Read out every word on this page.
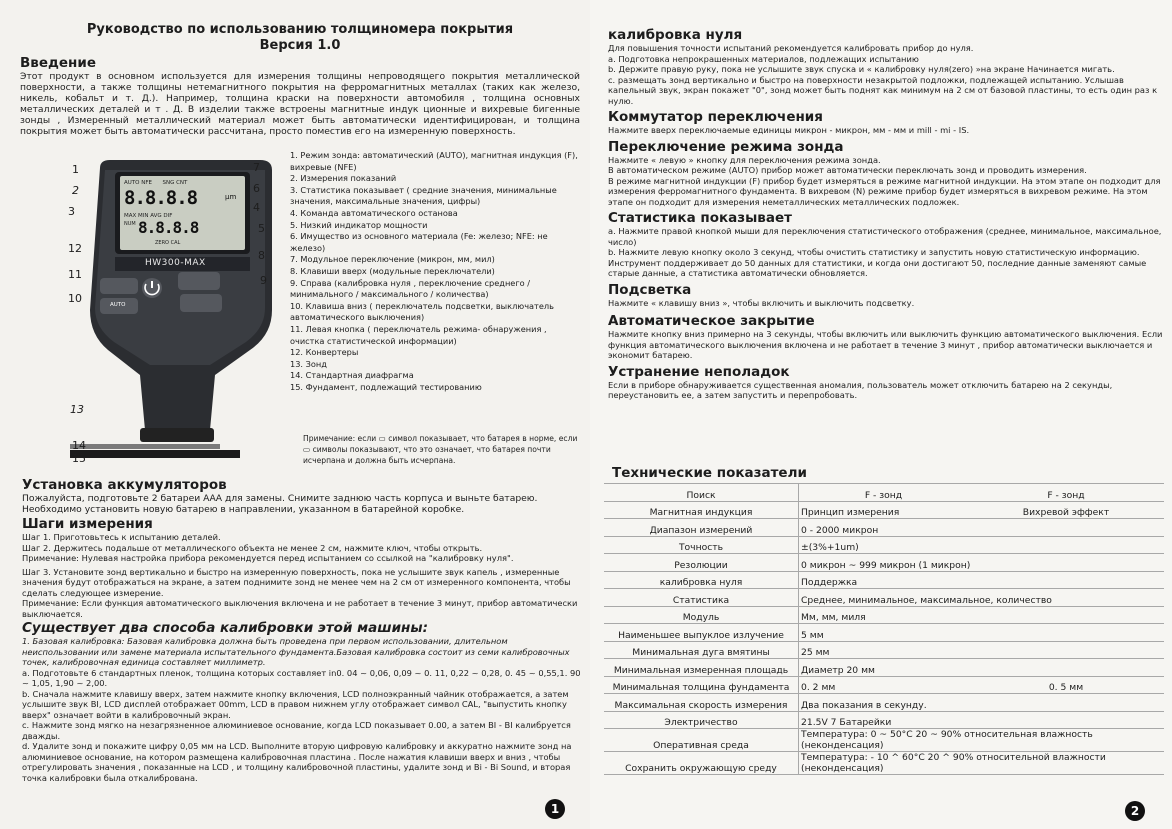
Руководство по использованию толщиномера покрытия
Версия 1.0
Введение

Этот продукт в основном используется для измерения толщины непроводящего покрытия металлической поверхности, а также толщины нетемагнитного покрытия на ферромагнитных металлах (таких как железо, никель, кобальт и т. Д.). Например, толщина краски на поверхности автомобиля , толщина основных металлических деталей и т . Д. В изделии также встроены магнитные индук ционные и вихревые бигенные зонды , Измеренный металлический материал может быть автоматически идентифицирован, и толщина покрытия может быть автоматически рассчитана, просто поместив его на измеренную поверхность.

AUTO NFE      SNG CNT
8.8.8.8	μm
MAX MIN AVG DIF
NUM 8.8.8.8
ZERO CAL
HW300-MAX
AUTO
1
2
3	4
5
6
7
8
9
10
11
12
13
14
15
1. Режим зонда: автоматический (AUTO), магнитная индукция (F), вихревые (NFE)
2. Измерения показаний
3. Статистика показывает ( средние значения, минимальные значения, максимальные значения, цифры)
4. Команда автоматического останова
5. Низкий индикатор мощности
6. Имущество из основного материала (Fe: железо; NFE: не железо)
7. Модульное переключение (микрон, мм, мил)
8. Клавиши вверх (модульные переключатели)
9. Справа (калибровка нуля , переключение среднего / минимального / максимального / количества)
10. Клавиша вниз ( переключатель подсветки, выключатель автоматического выключения)
11. Левая кнопка ( переключатель режима- обнаружения , очистка статистической информации)
12. Конвертеры
13. Зонд
14. Стандартная диафрагма
15. Фундамент, подлежащий тестированию
Примечание: если ▭ символ показывает, что батарея в норме, если ▭ символы показывают, что это означает, что батарея почти исчерпана и должна быть исчерпана.
Установка аккумуляторов

Пожалуйста, подготовьте 2 батареи ААА для замены. Снимите заднюю часть корпуса и выньте батарею. Необходимо установить новую батарею в направлении, указанном в батарейной коробке.

Шаги измерения

Шаг 1. Приготовьтесь к испытанию деталей.

Шаг 2. Держитесь подальше от металлического объекта не менее 2 см, нажмите ключ, чтобы открыть.

Примечание: Нулевая настройка прибора рекомендуется перед испытанием со ссылкой на "калибровку нуля".

Шаг 3. Установите зонд вертикально и быстро на измеренную поверхность, пока не услышите звук капель , измеренные значения будут отображаться на экране, а затем поднимите зонд не менее чем на 2 см от измеренного компонента, чтобы сделать следующее измерение.

Примечание: Если функция автоматического выключения включена и не работает в течение 3 минут, прибор автоматически выключается.

Существует два способа калибровки этой машины:

1. Базовая калибровка: Базовая калибровка должна быть проведена при первом использовании, длительном неиспользовании или замене материала испытательного фундамента.Базовая калибровка состоит из семи калибровочных точек, калибровочная единица составляет миллиметр.

a. Подготовьте 6 стандартных пленок, толщина которых составляет in0. 04 ~ 0,06, 0,09 ~ 0. 11, 0,22 ~ 0,28, 0. 45 ~ 0,55,1. 90 ~ 1,05, 1,90 ~ 2,00.

b. Сначала нажмите клавишу вверх, затем нажмите кнопку включения, LCD полноэкранный чайник отображается, а затем услышите звук BI, LCD дисплей отображает 00mm, LCD в правом нижнем углу отображает символ CAL, "выпустить кнопку вверх" означает войти в калибровочный экран.

c. Нажмите зонд мягко на незагрязненное алюминиевое основание, когда LCD показывает 0.00, а затем BI - BI калибруется дважды.

d. Удалите зонд и покажите цифру 0,05 мм на LCD. Выполните вторую цифровую калибровку и аккуратно нажмите зонд на алюминиевое основание, на котором размещена калибровочная пластина . После нажатия клавиши вверх и вниз , чтобы отрегулировать значения , показанные на LCD , и толщину калибровочной пластины, удалите зонд и Bi - Bi Sound, и вторая точка калибровки была откалибрована.

1
калибровка нуля

Для повышения точности испытаний рекомендуется калибровать прибор до нуля.

a. Подготовка непрокрашенных материалов, подлежащих испытанию

b. Держите правую руку, пока не услышите звук спуска и « калибровку нуля(zero) »на экране Начинается мигать.

c. размещать зонд вертикально и быстро на поверхности незакрытой подложки, подлежащей испытанию. Услышав капельный звук, экран покажет "0", зонд может быть поднят как минимум на 2 см от базовой пластины, то есть один раз к нулю.

Коммутатор переключения

Нажмите вверх переключаемые единицы микрон - микрон, мм - мм и mill - mi - IS.

Переключение режима зонда

Нажмите « левую » кнопку для переключения режима зонда.

В автоматическом режиме (AUTO) прибор может автоматически переключать зонд и проводить измерения.

В режиме магнитной индукции (F) прибор будет измеряться в режиме магнитной индукции. На этом этапе он подходит для измерения ферромагнитного фундамента. В вихревом (N) режиме прибор будет измеряться в вихревом режиме. На этом этапе он подходит для измерения неметаллических металлических подложек.

Статистика показывает

a. Нажмите правой кнопкой мыши для переключения статистического отображения (среднее, минимальное, максимальное, число)

b. Нажмите левую кнопку около 3 секунд, чтобы очистить статистику и запустить новую статистическую информацию. Инструмент поддерживает до 50 данных для статистики, и когда они достигают 50, последние данные заменяют самые старые данные, а статистика автоматически обновляется.

Подсветка

Нажмите « клавишу вниз », чтобы включить и выключить подсветку.

Автоматическое закрытие

Нажмите кнопку вниз примерно на 3 секунды, чтобы включить или выключить функцию автоматического выключения. Если функция автоматического выключения включена и не работает в течение 3 минут , прибор автоматически выключается и экономит батарею.

Устранение неполадок

Если в приборе обнаруживается существенная аномалия, пользователь может отключить батарею на 2 секунды, переустановить ее, а затем запустить и перепробовать.

Технические показатели
Поиск	F - зонд	F - зонд
Магнитная индукция	Принцип измерения	Вихревой эффект
Диапазон измерений	0 - 2000 микрон	
Точность	±(3%+1um)	
Резолюции	0 микрон ~ 999 микрон (1 микрон)	
калибровка нуля	Поддержка	
Статистика	Среднее, минимальное, максимальное, количество	
Модуль	Мм, мм, миля	
Наименьшее выпуклое излучение	5 мм	
Минимальная дуга вмятины	25 мм	
Минимальная измеренная площадь	Диаметр 20 мм	
Минимальная толщина фундамента	0. 2 мм	0. 5 мм
Максимальная скорость измерения	Два показания в секунду.	
Электричество	21.5V 7 Батарейки	
Оперативная среда	Температура: 0 ~ 50°C 20 ~ 90% относительная влажность (неконденсация)	
Сохранить окружающую среду	Температура: - 10 ^ 60°C 20 ^ 90% относительной влажности (неконденсация)	
2
